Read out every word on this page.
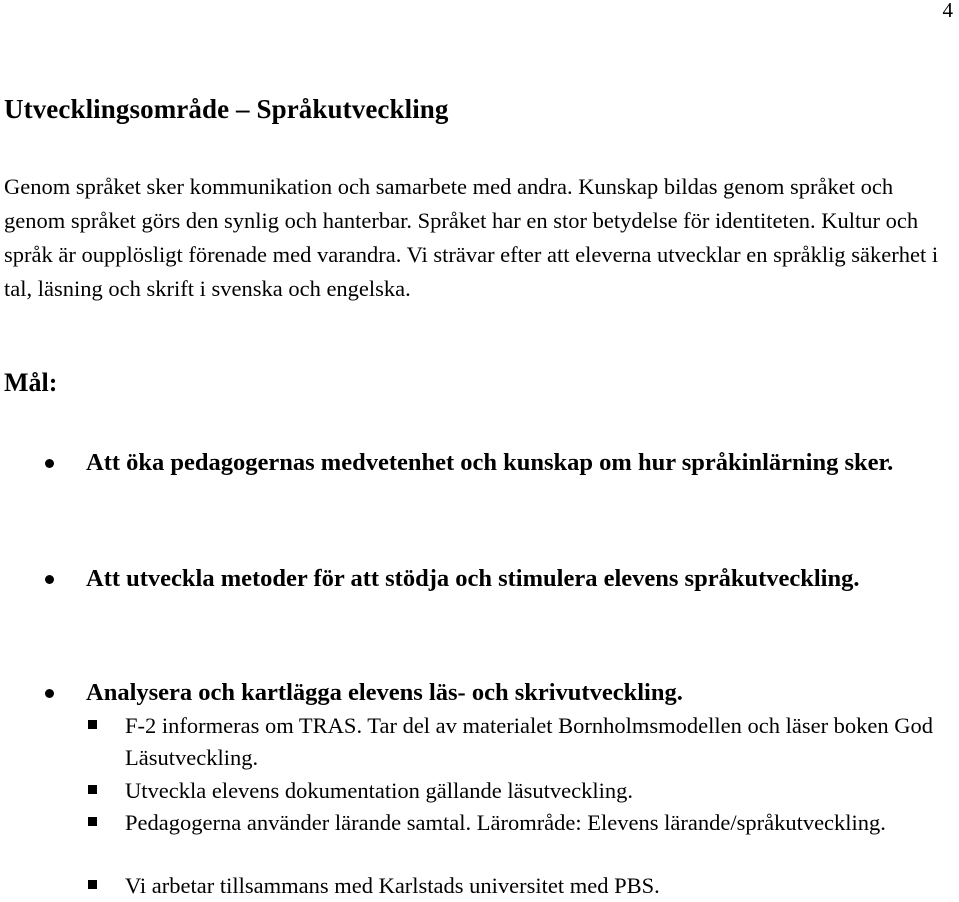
4
Utvecklingsområde – Språkutveckling

Genom språket sker kommunikation och samarbete med andra. Kunskap bildas genom språket och genom språket görs den synlig och hanterbar. Språket har en stor betydelse för identiteten. Kultur och språk är oupplösligt förenade med varandra. Vi strävar efter att eleverna utvecklar en språklig säkerhet i tal, läsning och skrift i svenska och engelska.

Mål:
Att öka pedagogernas medvetenhet och kunskap om hur språkinlärning sker.
Att utveckla metoder för att stödja och stimulera elevens språkutveckling.
Analysera och kartlägga elevens läs- och skrivutveckling.
F-2 informeras om TRAS. Tar del av materialet Bornholmsmodellen och läser boken God Läsutveckling.
Utveckla elevens dokumentation gällande läsutveckling.
Pedagogerna använder lärande samtal. Lärområde: Elevens lärande/språkutveckling.
Vi arbetar tillsammans med Karlstads universitet med PBS.
